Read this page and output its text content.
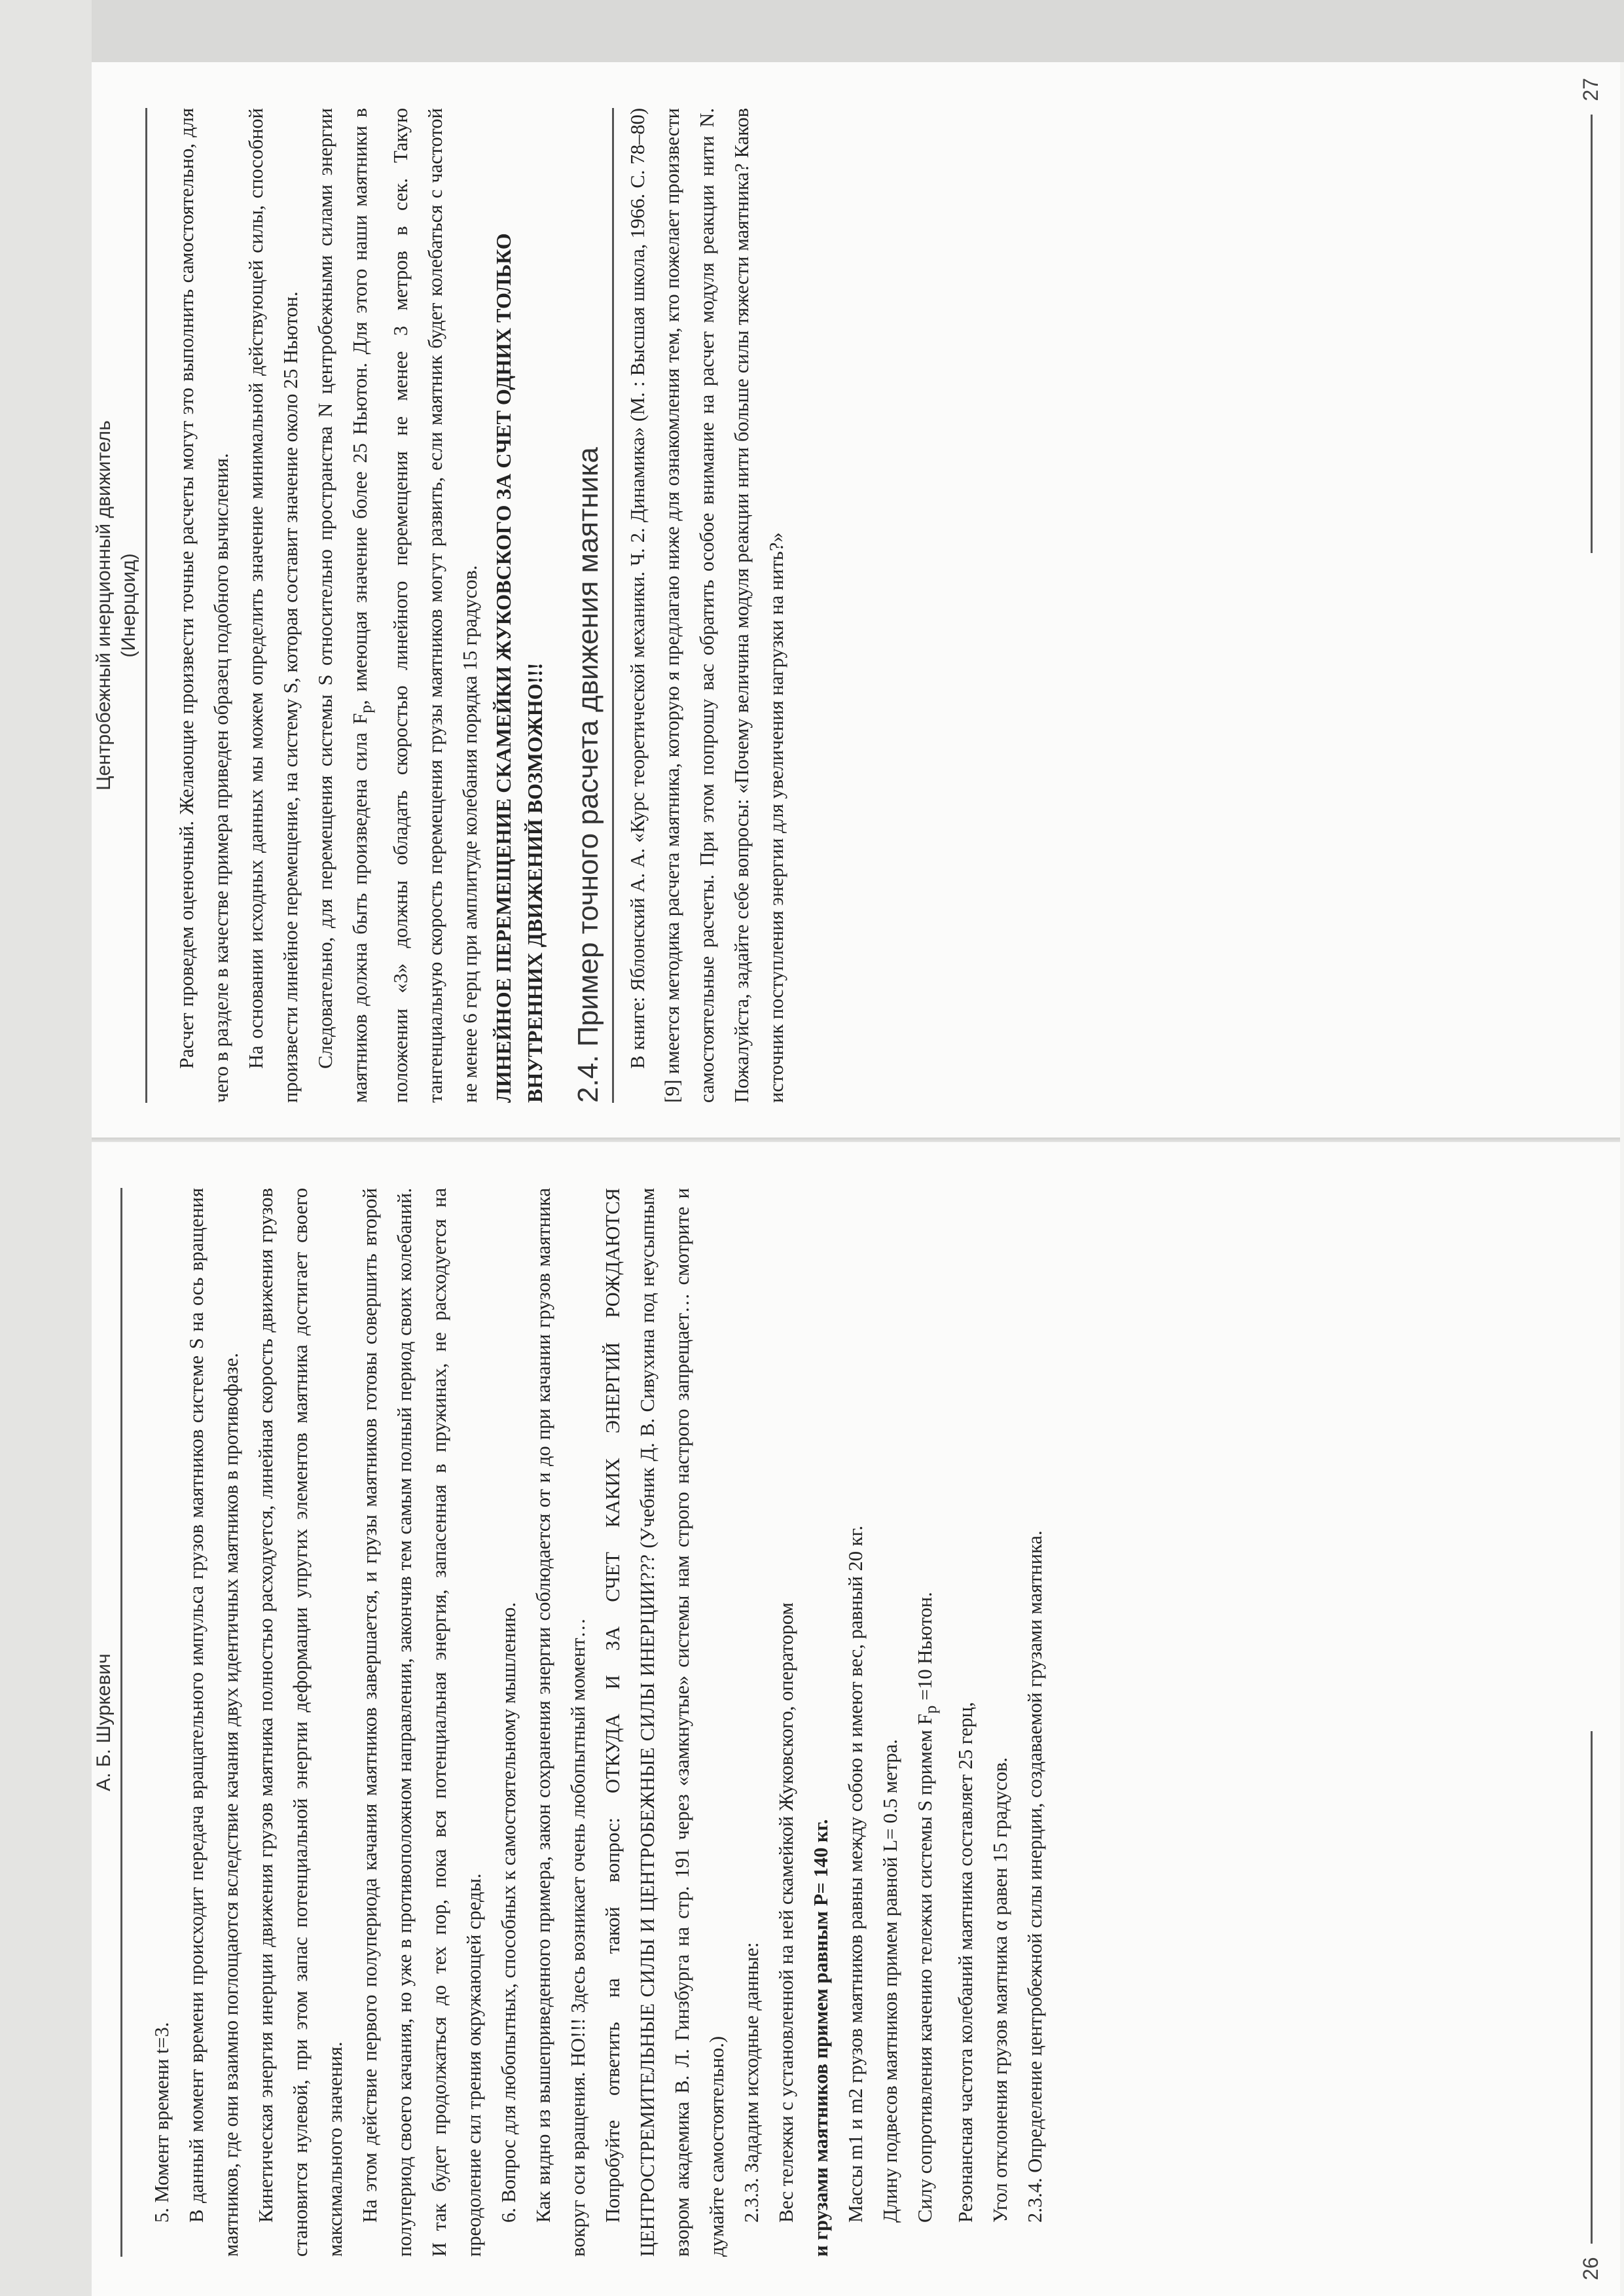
Центробежный инерционный движитель (Инерцоид) Расчет проведем оценочный. Желающие произвести точные расчеты могут это выполнить самостоятельно, для чего в разделе в качестве примера приведен образец подобного вычисления. На основании исходных данных мы можем определить значение минимальной действующей силы, способной произвести линейное перемещение, на систему S, которая составит значение около 25 Ньютон. Следовательно, для перемещения системы S относительно пространства N центробежными силами энергии маятников должна быть произведена сила $F_р$, имеющая значение более 25 Ньютон. Для этого наши маятники в положении «3» должны обладать скоростью линейного перемещения не менее 3 метров в сек. Такую тангенциальную скорость перемещения грузы маятников могут развить, если маятник будет колебаться с частотой не менее 6 герц при амплитуде колебания порядка 15 градусов. ЛИНЕЙНОЕ ПЕРЕМЕЩЕНИЕ СКАМЕЙКИ ЖУКОВСКОГО ЗА СЧЕТ ОДНИХ ТОЛЬКО ВНУТРЕННИХ ДВИЖЕНИЙ ВОЗМОЖНО!!! 2.4. Пример точного расчета движения маятника В книге: Яблонский А. А. «Курс теоретической механики. Ч. 2. Динамика» (М. : Высшая школа, 1966. С. 78–80) [9] имеется методика расчета маятника, которую я предлагаю ниже для ознакомления тем, кто пожелает произвести самостоятельные расчеты. При этом попрошу вас обратить особое внимание на расчет модуля реакции нити N. Пожалуйста, задайте себе вопросы: «Почему величина модуля реакции нити больше силы тяжести маятника? Каков источник поступления энергии для увеличения нагрузки на нить?»

27
А. Б. Шуркевич

5. Момент времени t=3. В данный момент времени происходит передача вращательного импульса грузов маятников системе S на ось вращения маятников, где они взаимно поглощаются вследствие качания двух идентичных маятников в противофазе. Кинетическая энергия инерции движения грузов маятника полностью расходуется, линейная скорость движения грузов становится нулевой, при этом запас потенциальной энергии деформации упругих элементов маятника достигает своего максимального значения. На этом действие первого полупериода качания маятников завершается, и грузы маятников готовы совершить второй полупериод своего качания, но уже в противоположном направлении, закончив тем самым полный период своих колебаний. И так будет продолжаться до тех пор, пока вся потенциальная энергия, запасенная в пружинах, не расходуется на преодоление сил трения окружающей среды. 6. Вопрос для любопытных, способных к самостоятельному мышлению. Как видно из вышеприведенного примера, закон сохранения энергии соблюдается от и до при качании грузов маятника вокруг оси вращения. НО!!! Здесь возникает очень любопытный момент… Попробуйте ответить на такой вопрос: ОТКУДА И ЗА СЧЕТ КАКИХ ЭНЕРГИЙ РОЖДАЮТСЯ ЦЕНТРОСТРЕМИТЕЛЬНЫЕ СИЛЫ И ЦЕНТРОБЕЖНЫЕ СИЛЫ ИНЕРЦИИ??? (Учебник Д. В. Сивухина под неусыпным взором академика В. Л. Гинзбурга на стр. 191 через «замкнутые» системы нам строго настрого запрещает… смотрите и думайте самостоятельно.) 2.3.3. Зададим исходные данные: Вес тележки с установленной на ней скамейкой Жуковского, оператором и грузами маятников примем равным Р= 140 кг. Массы m1 и m2 грузов маятников равны между собою и имеют вес, равный 20 кг. Длину подвесов маятников примем равной L= 0.5 метра. Силу сопротивления качению тележки системы S примем $F_р =10$ Ньютон.

Резонансная частота колебаний маятника составляет 25 герц, Угол отклонения грузов маятника α равен 15 градусов. 2.3.4. Определение центробежной силы инерции, создаваемой грузами маятника.

26
